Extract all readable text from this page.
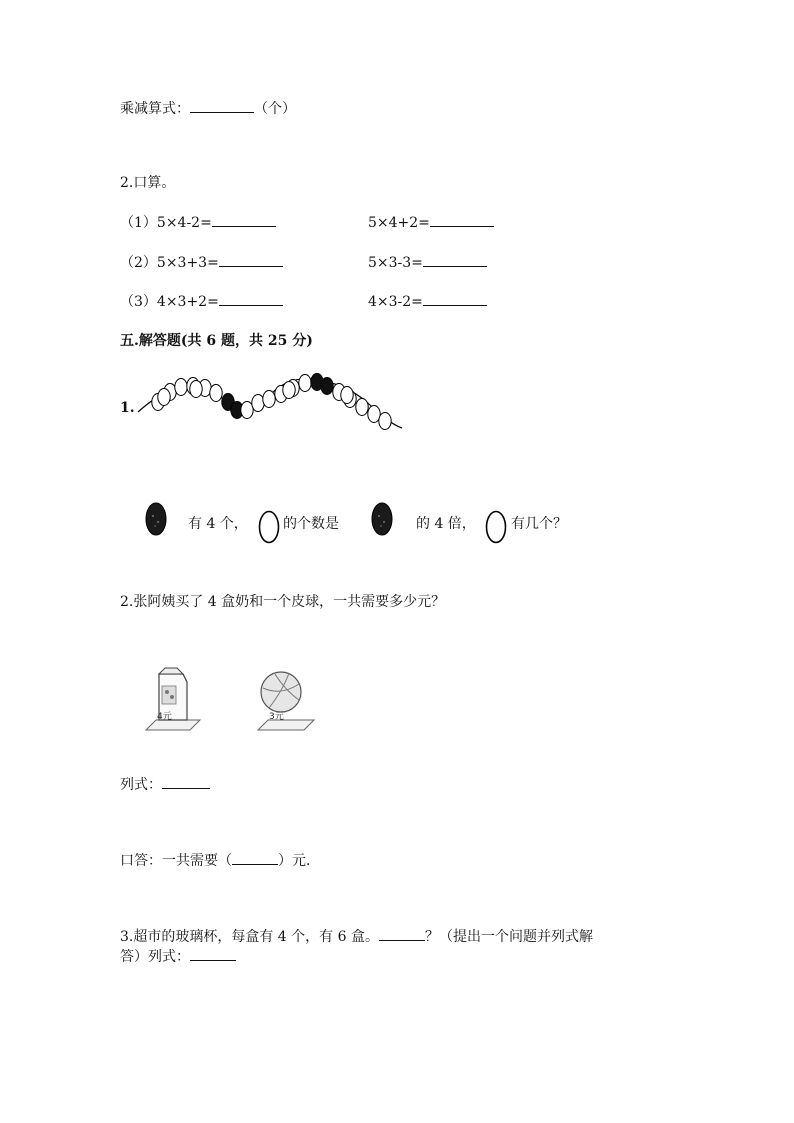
乘减算式：	（个）
2.口算。
（1）5×4-2=	5×4+2=
（2）5×3+3=	5×3-3=
（3）4×3+2=	4×3-2=
五.解答题(共 6 题，共 25 分)
1.
有 4 个，	的个数是	的 4 倍，	有几个？
2.张阿姨买了 4 盒奶和一个皮球，一共需要多少元？
4元	3元
列式：
口答：一共需要（	）元.
3.超市的玻璃杯，每盒有 4 个，有 6 盒。	？（提出一个问题并列式解
答）列式：
